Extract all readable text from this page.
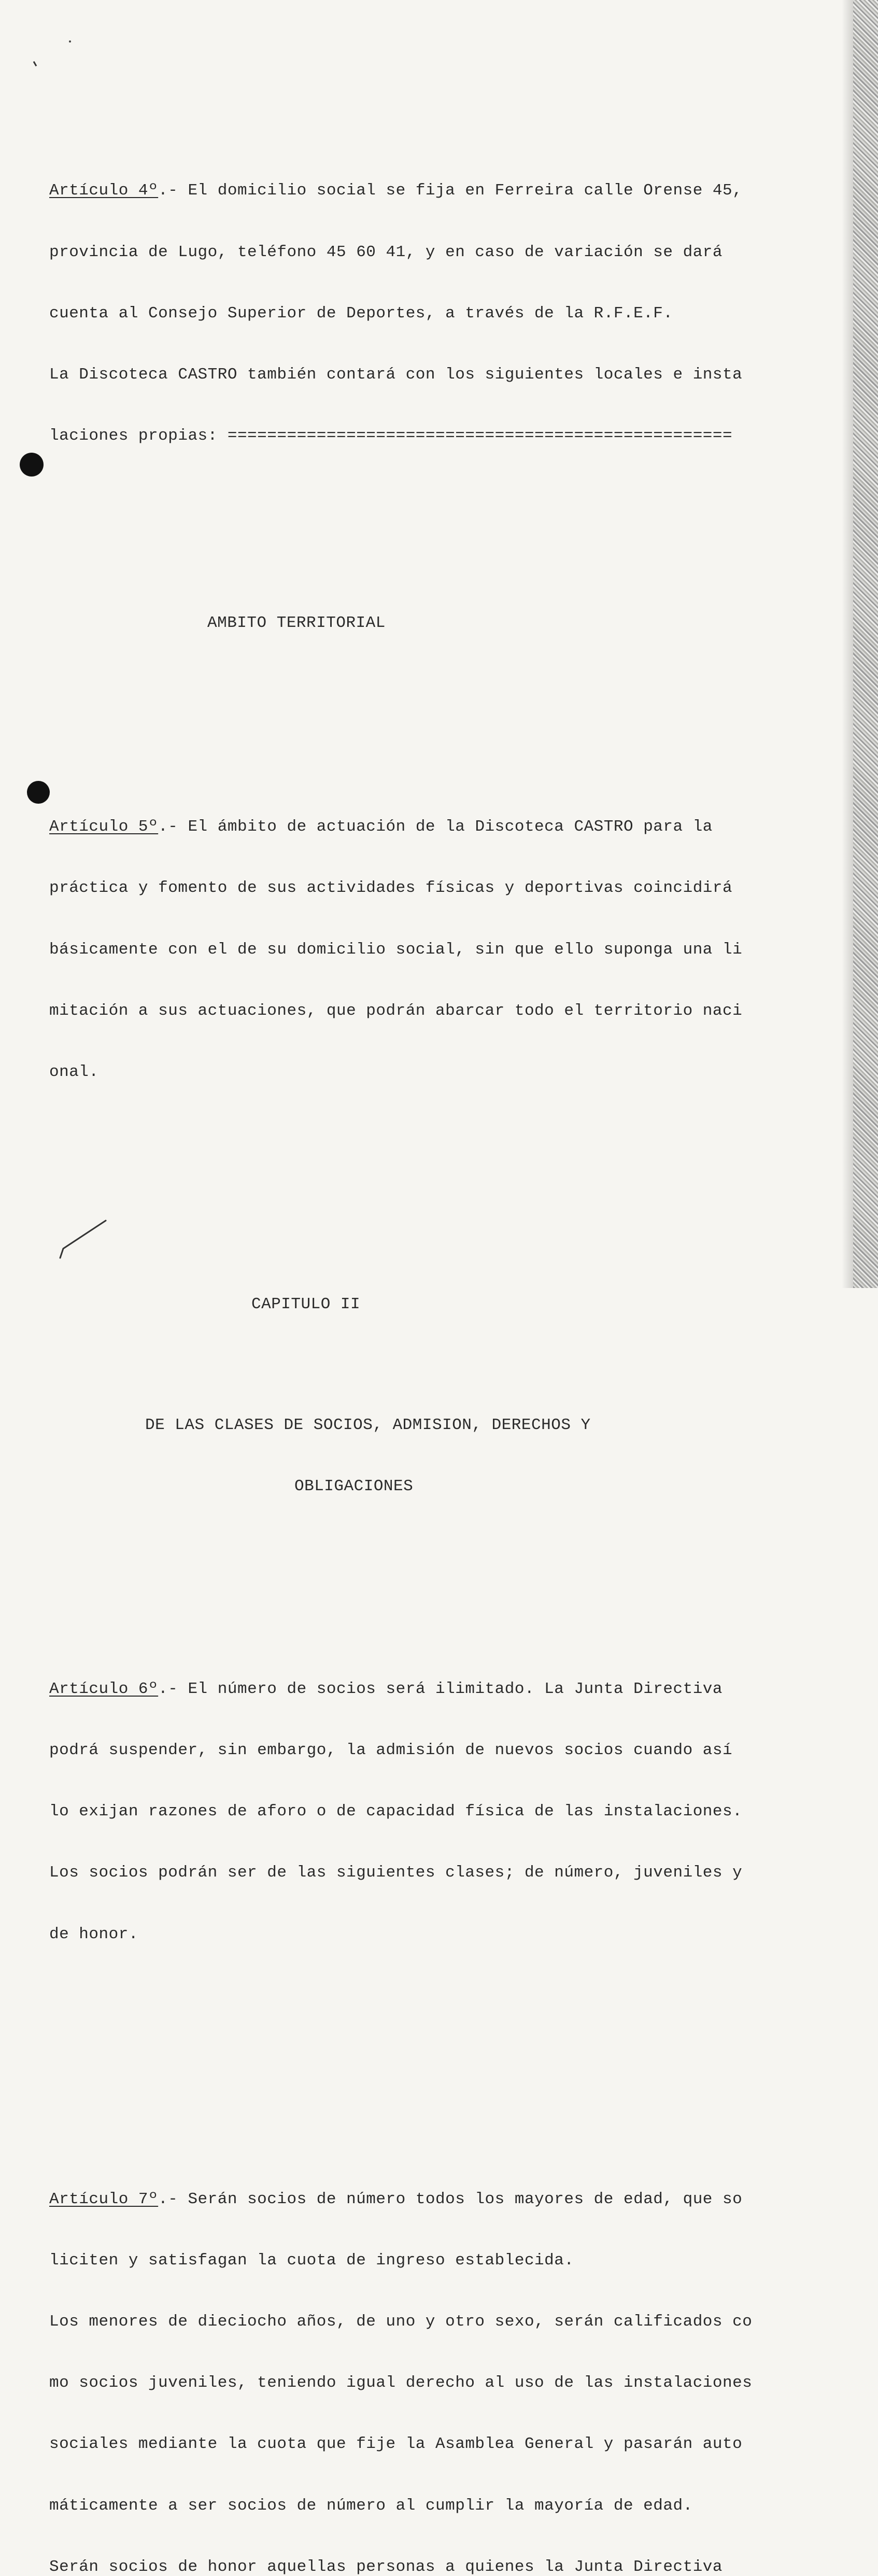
Artículo 4º.- El domicilio social se fija en Ferreira calle Orense 45,

provincia de Lugo, teléfono 45 60 41, y en caso de variación se dará

cuenta al Consejo Superior de Deportes, a través de la R.F.E.F.

La Discoteca CASTRO también contará con los siguientes locales e insta

laciones propias: ===================================================

AMBITO TERRITORIAL

Artículo 5º.- El ámbito de actuación de la Discoteca CASTRO para la

práctica y fomento de sus actividades físicas y deportivas coincidirá

básicamente con el de su domicilio social, sin que ello suponga una li

mitación a sus actuaciones, que podrán abarcar todo el territorio naci

onal.

CAPITULO II

DE LAS CLASES DE SOCIOS, ADMISION, DERECHOS Y

OBLIGACIONES

Artículo 6º.- El número de socios será ilimitado. La Junta Directiva

podrá suspender, sin embargo, la admisión de nuevos socios cuando así

lo exijan razones de aforo o de capacidad física de las instalaciones.

Los socios podrán ser de las siguientes clases; de número, juveniles y

de honor.

Artículo 7º.- Serán socios de número todos los mayores de edad, que so

liciten y satisfagan la cuota de ingreso establecida.

Los menores de dieciocho años, de uno y otro sexo, serán calificados co

mo socios juveniles, teniendo igual derecho al uso de las instalaciones

sociales mediante la cuota que fije la Asamblea General y pasarán auto

máticamente a ser socios de número al cumplir la mayoría de edad.

Serán socios de honor aquellas personas a quienes la Junta Directiva
